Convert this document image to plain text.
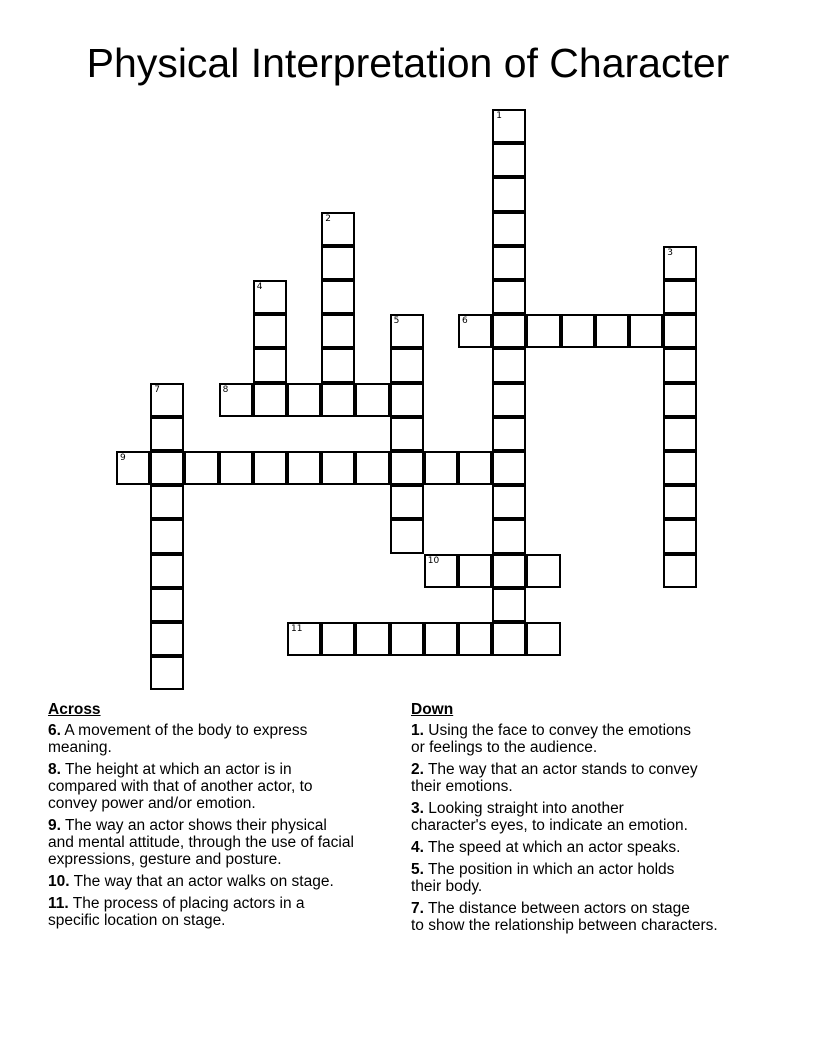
Physical Interpretation of Character
1
2
3
4
5	6
7	8
9
10
11
Across
6. A movement of the body to express
meaning.
8. The height at which an actor is in
compared with that of another actor, to
convey power and/or emotion.
9. The way an actor shows their physical
and mental attitude, through the use of facial
expressions, gesture and posture.
10. The way that an actor walks on stage.
11. The process of placing actors in a
specific location on stage.
Down
1. Using the face to convey the emotions
or feelings to the audience.
2. The way that an actor stands to convey
their emotions.
3. Looking straight into another
character's eyes, to indicate an emotion.
4. The speed at which an actor speaks.
5. The position in which an actor holds
their body.
7. The distance between actors on stage
to show the relationship between characters.
